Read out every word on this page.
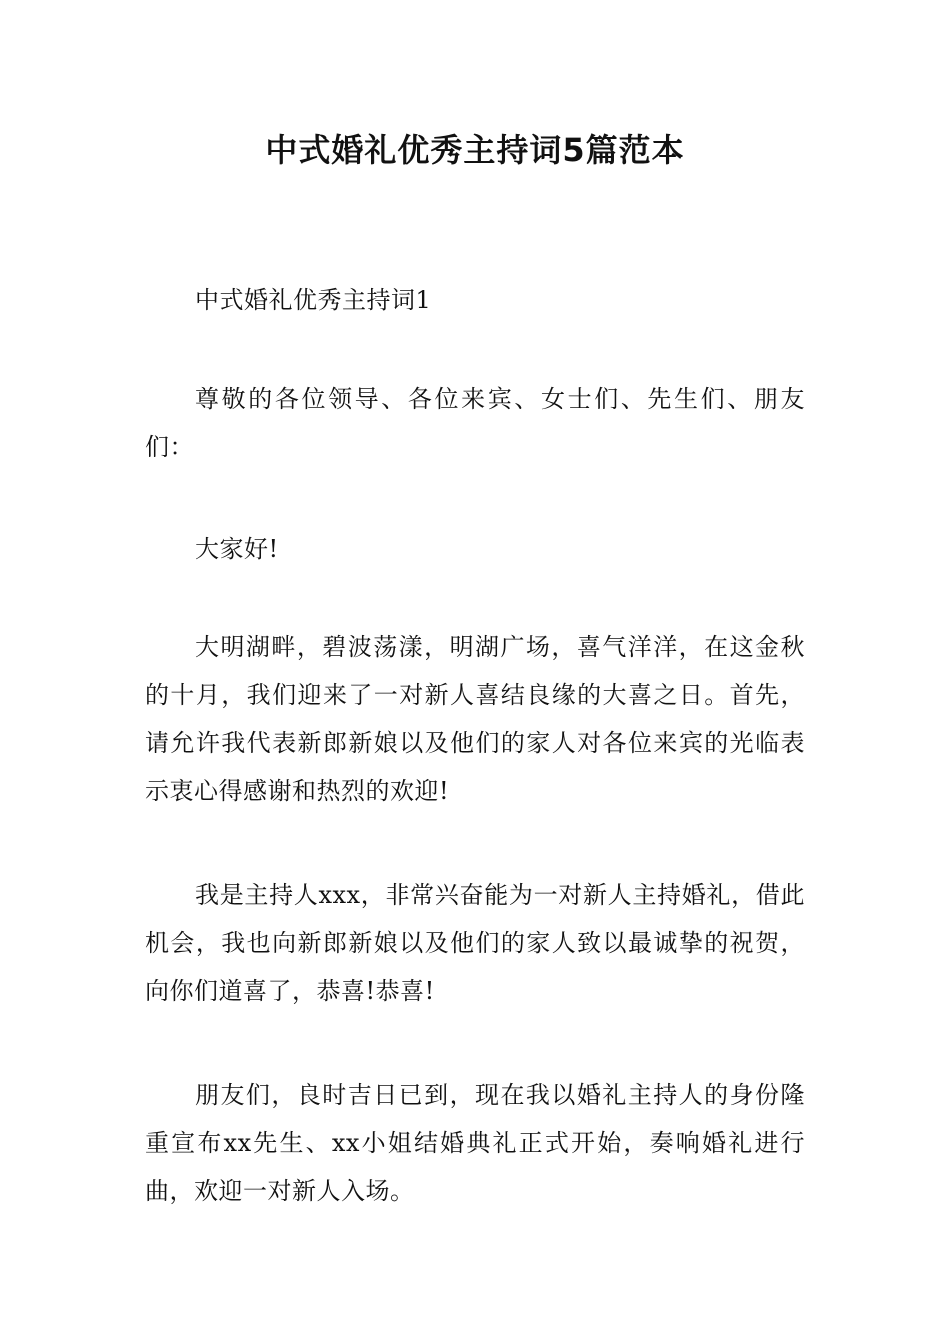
中式婚礼优秀主持词5篇范本

中式婚礼优秀主持词1

尊敬的各位领导、各位来宾、女士们、先生们、朋友们：

大家好!

大明湖畔，碧波荡漾，明湖广场，喜气洋洋，在这金秋的十月，我们迎来了一对新人喜结良缘的大喜之日。首先，请允许我代表新郎新娘以及他们的家人对各位来宾的光临表示衷心得感谢和热烈的欢迎!

我是主持人xxx，非常兴奋能为一对新人主持婚礼，借此机会，我也向新郎新娘以及他们的家人致以最诚挚的祝贺，向你们道喜了，恭喜!恭喜!

朋友们，良时吉日已到，现在我以婚礼主持人的身份隆重宣布xx先生、xx小姐结婚典礼正式开始，奏响婚礼进行曲，欢迎一对新人入场。
